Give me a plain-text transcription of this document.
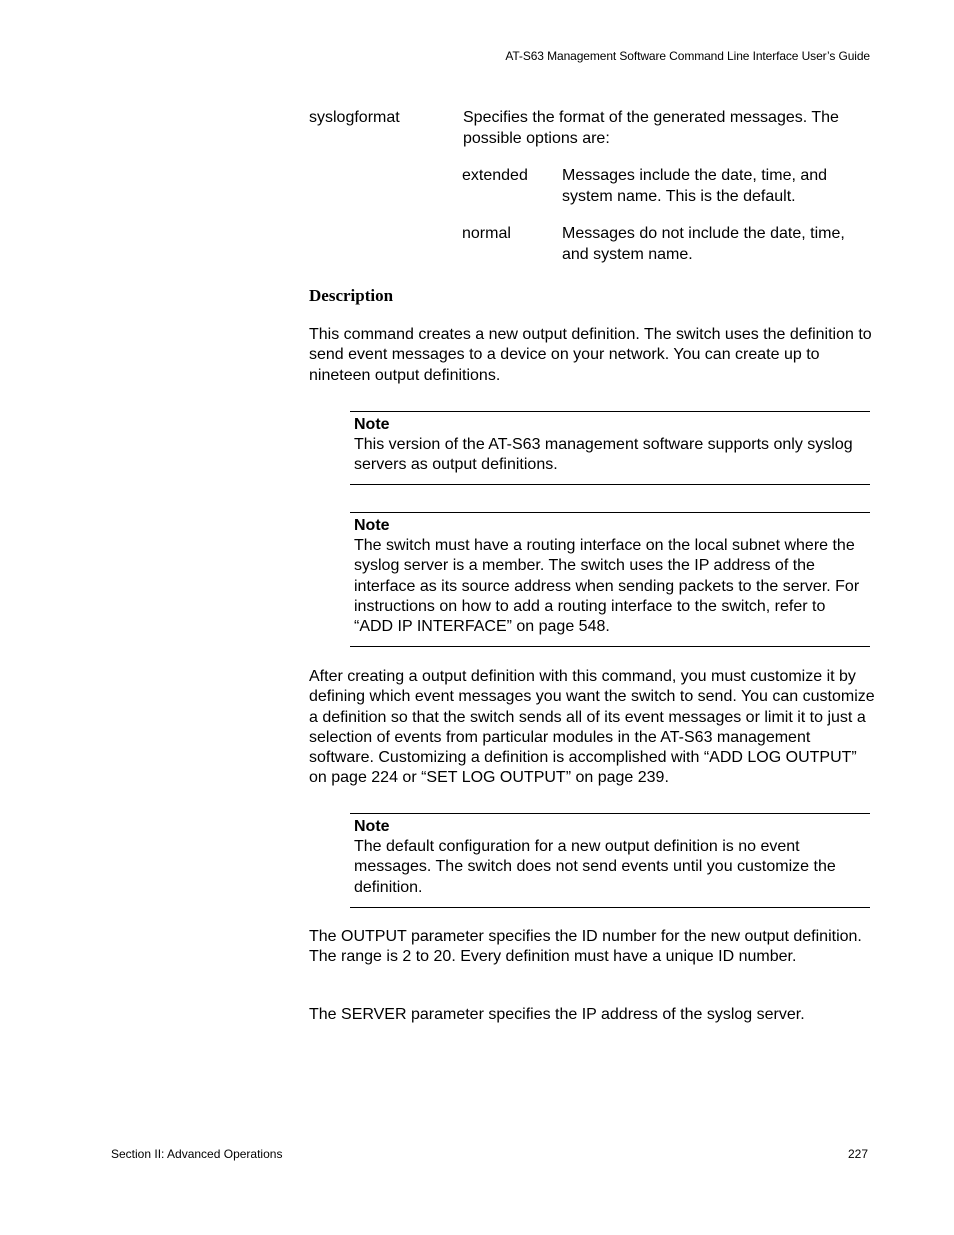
AT-S63 Management Software Command Line Interface User’s Guide
syslogformat	Specifies the format of the generated messages. The possible options are:
extended Messages include the date, time, and system name. This is the default.
normal	Messages do not include the date, time, and system name.
Description

This command creates a new output definition. The switch uses the definition to send event messages to a device on your network. You can create up to nineteen output definitions.

Note
This version of the AT-S63 management software supports only syslog servers as output definitions.
Note
The switch must have a routing interface on the local subnet where the syslog server is a member. The switch uses the IP address of the interface as its source address when sending packets to the server. For instructions on how to add a routing interface to the switch, refer to “ADD IP INTERFACE” on page 548.

After creating a output definition with this command, you must customize it by defining which event messages you want the switch to send. You can customize a definition so that the switch sends all of its event messages or limit it to just a selection of events from particular modules in the AT-S63 management software. Customizing a definition is accomplished with “ADD LOG OUTPUT” on page 224 or “SET LOG OUTPUT” on page 239.

Note
The default configuration for a new output definition is no event messages. The switch does not send events until you customize the definition.

The OUTPUT parameter specifies the ID number for the new output definition. The range is 2 to 20. Every definition must have a unique ID number.

The SERVER parameter specifies the IP address of the syslog server.

Section II: Advanced Operations	227
